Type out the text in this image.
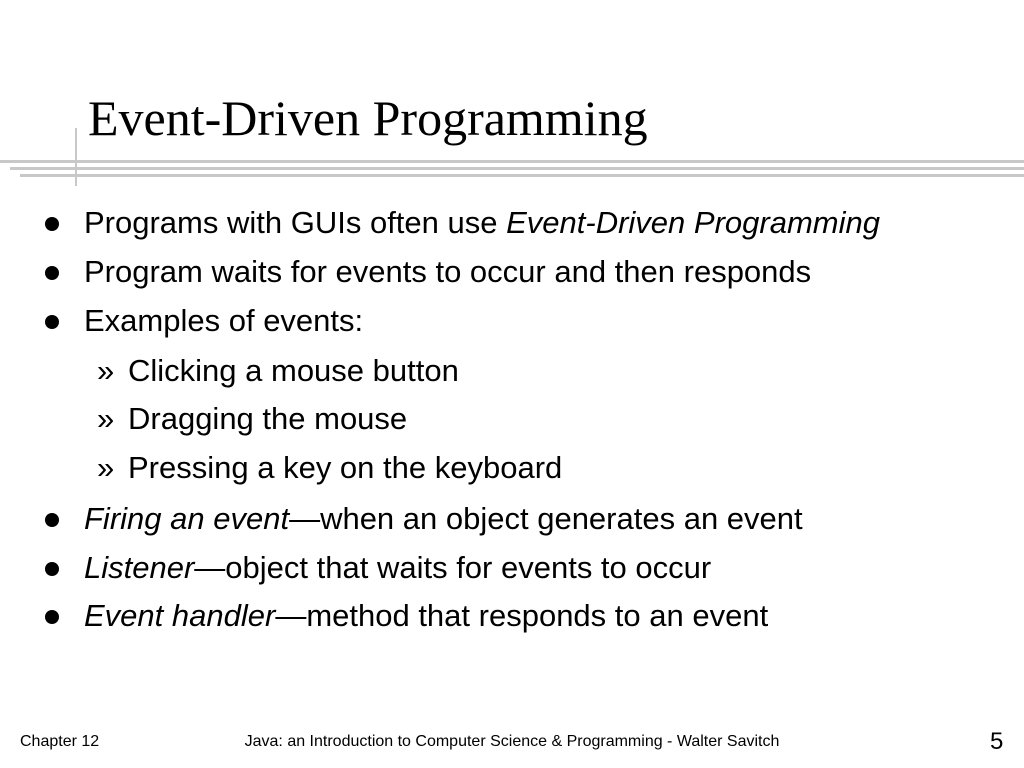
Event-Driven Programming
Programs with GUIs often use Event-Driven Programming
Program waits for events to occur and then responds
Examples of events:
» Clicking a mouse button
» Dragging the mouse
» Pressing a key on the keyboard
Firing an event—when an object generates an event
Listener—object that waits for events to occur
Event handler—method that responds to an event
Chapter 12	Java: an Introduction to Computer Science & Programming - Walter Savitch	5
